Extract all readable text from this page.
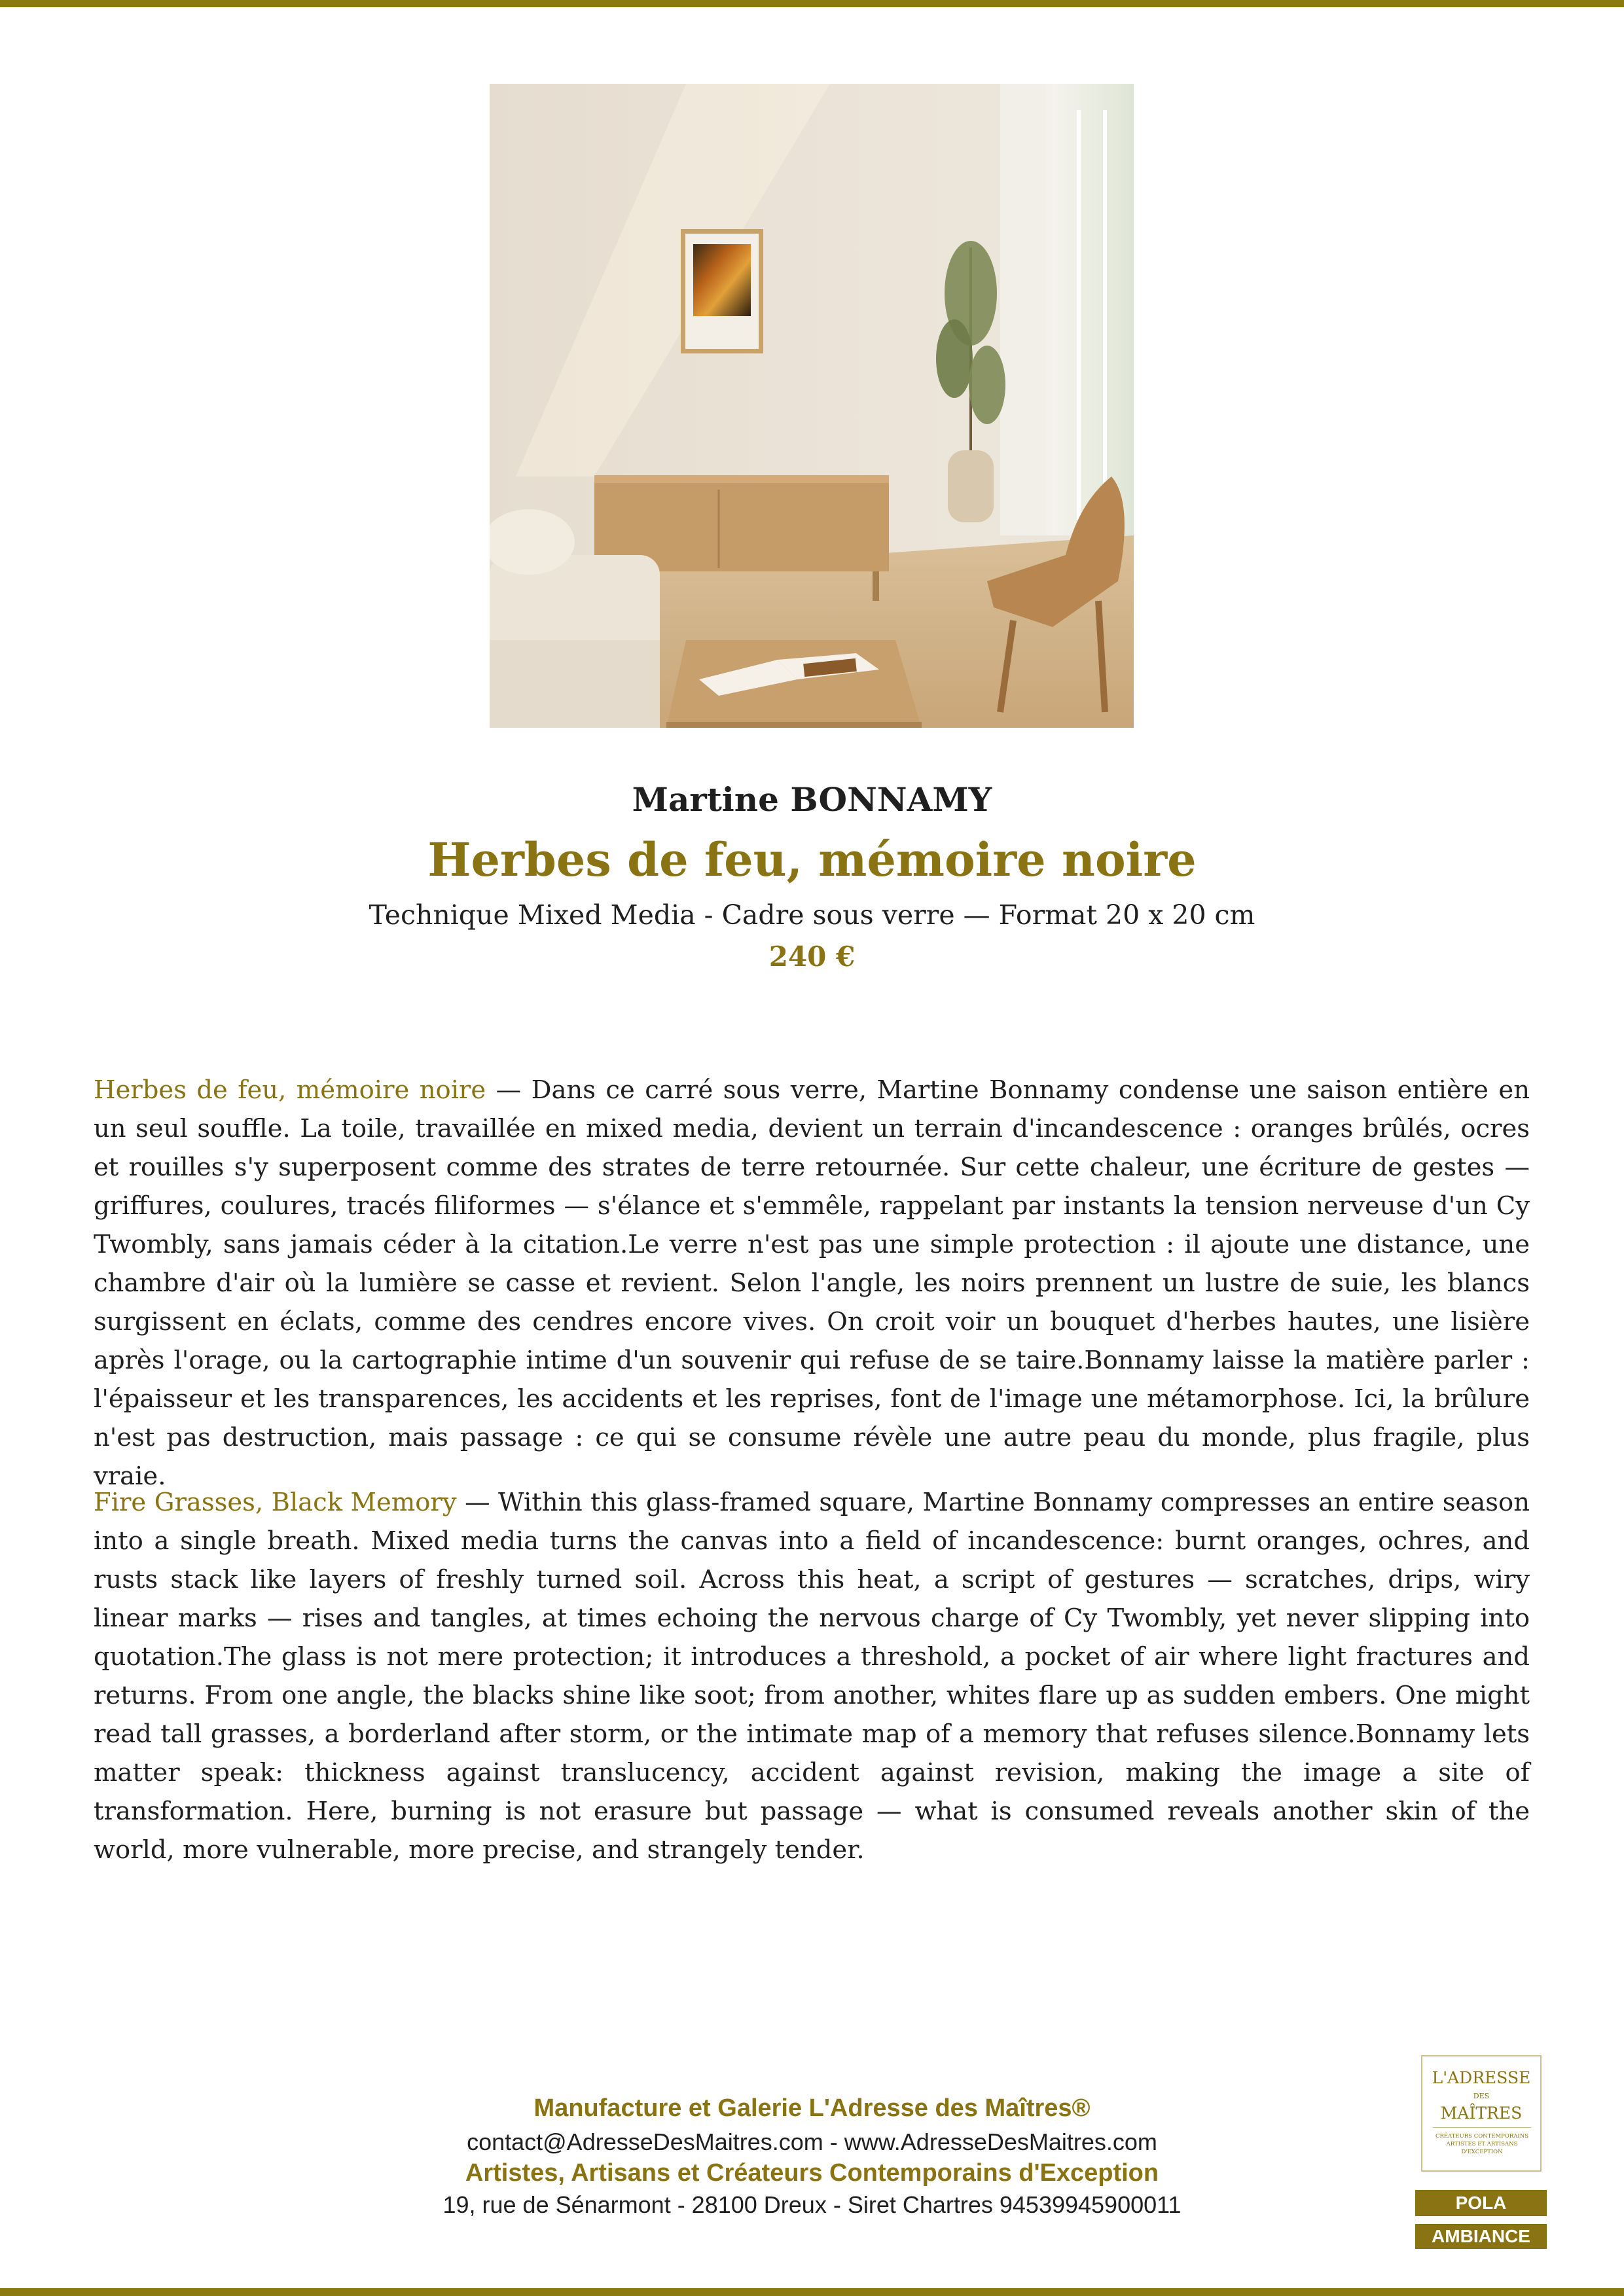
Martine BONNAMY
Herbes de feu, mémoire noire
Technique Mixed Media - Cadre sous verre — Format 20 x 20 cm
240 €
Herbes de feu, mémoire noire — Dans ce carré sous verre, Martine Bonnamy condense une saison entière en un seul souffle. La toile, travaillée en mixed media, devient un terrain d'incandescence : oranges brûlés, ocres et rouilles s'y superposent comme des strates de terre retournée. Sur cette chaleur, une écriture de gestes — griffures, coulures, tracés filiformes — s'élance et s'emmêle, rappelant par instants la tension nerveuse d'un Cy Twombly, sans jamais céder à la citation.Le verre n'est pas une simple protection : il ajoute une distance, une chambre d'air où la lumière se casse et revient. Selon l'angle, les noirs prennent un lustre de suie, les blancs surgissent en éclats, comme des cendres encore vives. On croit voir un bouquet d'herbes hautes, une lisière après l'orage, ou la cartographie intime d'un souvenir qui refuse de se taire.Bonnamy laisse la matière parler : l'épaisseur et les transparences, les accidents et les reprises, font de l'image une métamorphose. Ici, la brûlure n'est pas destruction, mais passage : ce qui se consume révèle une autre peau du monde, plus fragile, plus vraie.
Fire Grasses, Black Memory — Within this glass-framed square, Martine Bonnamy compresses an entire season into a single breath. Mixed media turns the canvas into a field of incandescence: burnt oranges, ochres, and rusts stack like layers of freshly turned soil. Across this heat, a script of gestures — scratches, drips, wiry linear marks — rises and tangles, at times echoing the nervous charge of Cy Twombly, yet never slipping into quotation.The glass is not mere protection; it introduces a threshold, a pocket of air where light fractures and returns. From one angle, the blacks shine like soot; from another, whites flare up as sudden embers. One might read tall grasses, a borderland after storm, or the intimate map of a memory that refuses silence.Bonnamy lets matter speak: thickness against translucency, accident against revision, making the image a site of transformation. Here, burning is not erasure but passage — what is consumed reveals another skin of the world, more vulnerable, more precise, and strangely tender.
Manufacture et Galerie L'Adresse des Maîtres®
contact@AdresseDesMaitres.com - www.AdresseDesMaitres.com
Artistes, Artisans et Créateurs Contemporains d'Exception
19, rue de Sénarmont - 28100 Dreux - Siret Chartres 94539945900011
L'ADRESSE
DES
MAÎTRES
CRÉATEURS CONTEMPORAINS ARTISTES ET ARTISANS D'EXCEPTION
POLA
AMBIANCE
